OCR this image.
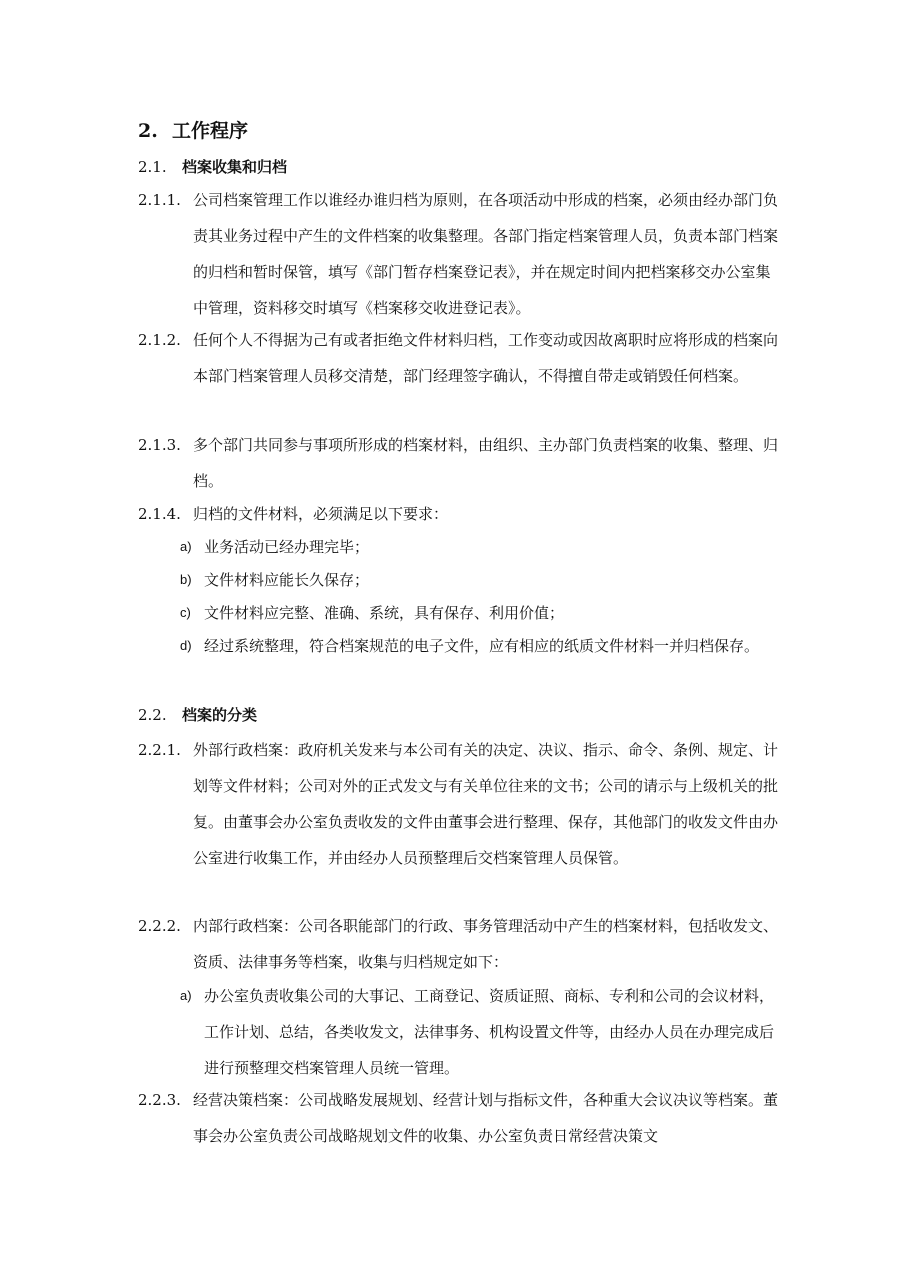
2. 工作程序
2.1. 档案收集和归档
2.1.1. 公司档案管理工作以谁经办谁归档为原则，在各项活动中形成的档案，必须由经办部门负责其业务过程中产生的文件档案的收集整理。各部门指定档案管理人员，负责本部门档案的归档和暂时保管，填写《部门暂存档案登记表》，并在规定时间内把档案移交办公室集中管理，资料移交时填写《档案移交收进登记表》。
2.1.2. 任何个人不得据为己有或者拒绝文件材料归档，工作变动或因故离职时应将形成的档案向本部门档案管理人员移交清楚，部门经理签字确认，不得擅自带走或销毁任何档案。
2.1.3. 多个部门共同参与事项所形成的档案材料，由组织、主办部门负责档案的收集、整理、归档。
2.1.4. 归档的文件材料，必须满足以下要求：
a) 业务活动已经办理完毕；
b) 文件材料应能长久保存；
c) 文件材料应完整、准确、系统，具有保存、利用价值；
d) 经过系统整理，符合档案规范的电子文件，应有相应的纸质文件材料一并归档保存。
2.2. 档案的分类
2.2.1. 外部行政档案：政府机关发来与本公司有关的决定、决议、指示、命令、条例、规定、计划等文件材料；公司对外的正式发文与有关单位往来的文书；公司的请示与上级机关的批复。由董事会办公室负责收发的文件由董事会进行整理、保存，其他部门的收发文件由办公室进行收集工作，并由经办人员预整理后交档案管理人员保管。
2.2.2. 内部行政档案：公司各职能部门的行政、事务管理活动中产生的档案材料，包括收发文、资质、法律事务等档案，收集与归档规定如下：
a) 办公室负责收集公司的大事记、工商登记、资质证照、商标、专利和公司的会议材料，工作计划、总结，各类收发文，法律事务、机构设置文件等，由经办人员在办理完成后进行预整理交档案管理人员统一管理。
2.2.3. 经营决策档案：公司战略发展规划、经营计划与指标文件，各种重大会议决议等档案。董事会办公室负责公司战略规划文件的收集、办公室负责日常经营决策文
